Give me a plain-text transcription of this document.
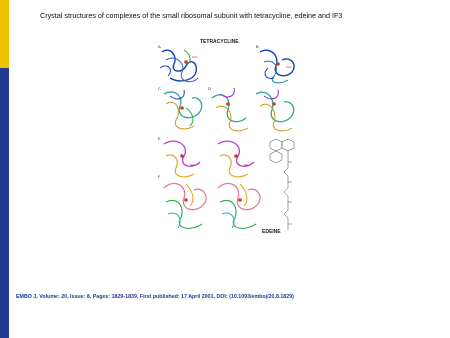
Crystal structures of complexes of the small ribosomal subunit with tetracycline, edeine and IF3
TETRACYCLINE
A
Tet1
B
Tet1
C	D
E
Tet	Tet
F
EDEINE
EMBO J, Volume: 20, Issue: 8, Pages: 1829-1839, First published: 17 April 2001, DOI: (10.1093/emboj/20.8.1829)
